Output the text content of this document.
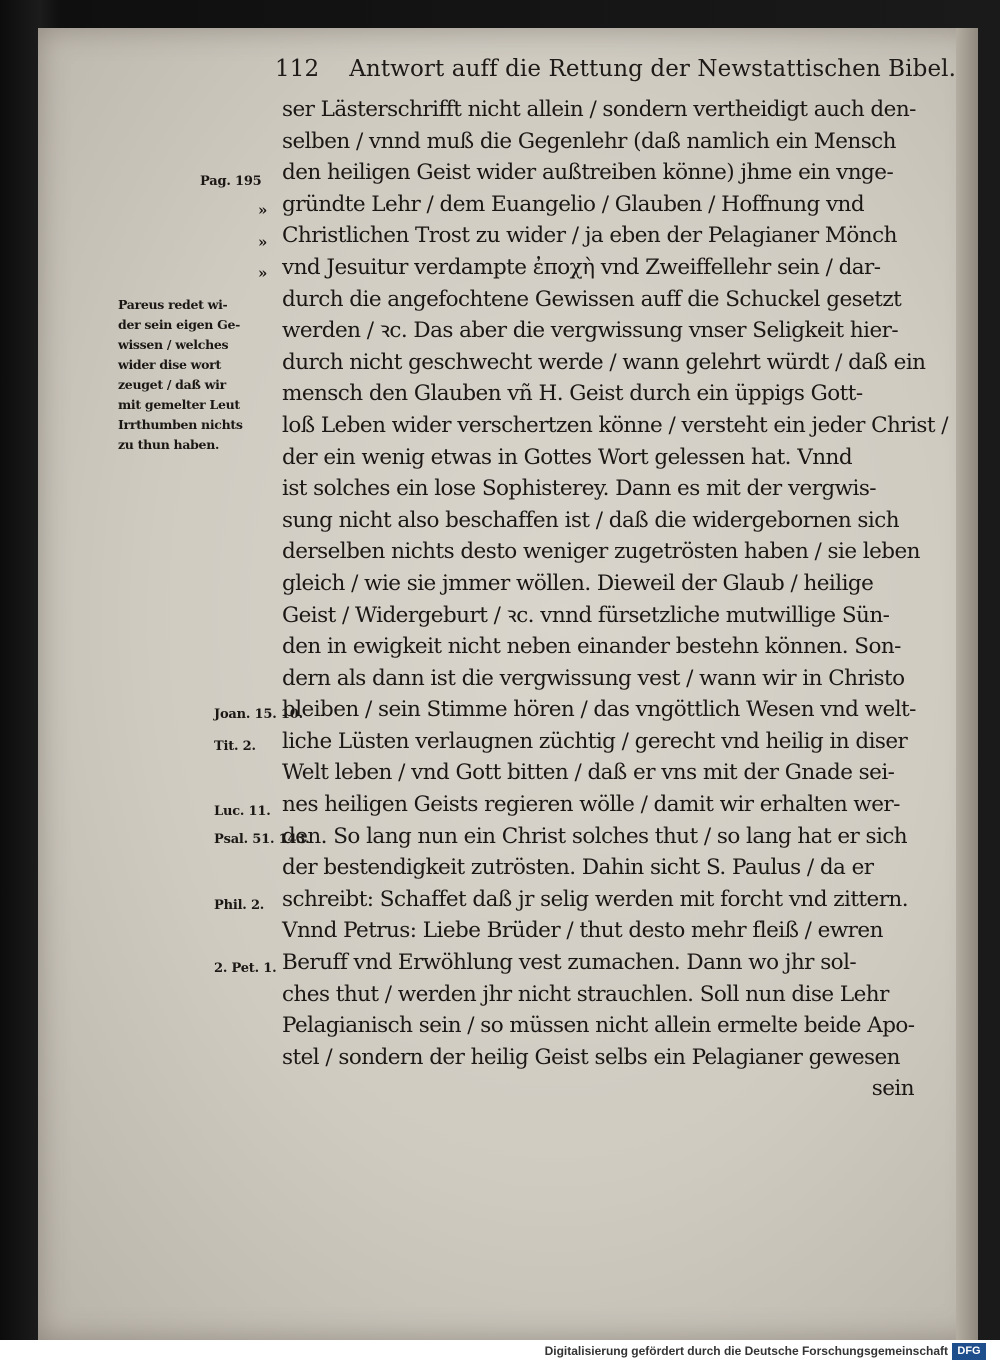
112 Antwort auff die Rettung der Newstattischen Bibel.
ser Lästerschrifft nicht allein / sondern vertheidigt auch den-
selben / vnnd muß die Gegenlehr (daß namlich ein Mensch
den heiligen Geist wider außtreiben könne) jhme ein vnge-
gründte Lehr / dem Euangelio / Glauben / Hoffnung vnd
Christlichen Trost zu wider / ja eben der Pelagianer Mönch
vnd Jesuitur verdampte ἐποχὴ vnd Zweiffellehr sein / dar-
durch die angefochtene Gewissen auff die Schuckel gesetzt
werden / ꝛc. Das aber die vergwissung vnser Seligkeit hier-
durch nicht geschwecht werde / wann gelehrt würdt / daß ein
mensch den Glauben vñ H. Geist durch ein üppigs Gott-
loß Leben wider verschertzen könne / versteht ein jeder Christ /
der ein wenig etwas in Gottes Wort gelessen hat. Vnnd
ist solches ein lose Sophisterey. Dann es mit der vergwis-
sung nicht also beschaffen ist / daß die widergebornen sich
derselben nichts desto weniger zugetrösten haben / sie leben
gleich / wie sie jmmer wöllen. Dieweil der Glaub / heilige
Geist / Widergeburt / ꝛc. vnnd fürsetzliche mutwillige Sün-
den in ewigkeit nicht neben einander bestehn können. Son-
dern als dann ist die vergwissung vest / wann wir in Christo
bleiben / sein Stimme hören / das vngöttlich Wesen vnd welt-
liche Lüsten verlaugnen züchtig / gerecht vnd heilig in diser
Welt leben / vnd Gott bitten / daß er vns mit der Gnade sei-
nes heiligen Geists regieren wölle / damit wir erhalten wer-
den. So lang nun ein Christ solches thut / so lang hat er sich
der bestendigkeit zutrösten. Dahin sicht S. Paulus / da er
schreibt: Schaffet daß jr selig werden mit forcht vnd zittern.
Vnnd Petrus: Liebe Brüder / thut desto mehr fleiß / ewren
Beruff vnd Erwöhlung vest zumachen. Dann wo jhr sol-
ches thut / werden jhr nicht strauchlen. Soll nun dise Lehr
Pelagianisch sein / so müssen nicht allein ermelte beide Apo-
stel / sondern der heilig Geist selbs ein Pelagianer gewesen
sein
Pag. 195
»
»
»
Pareus redet wi-
der sein eigen Ge-
wissen / welches
wider dise wort
zeuget / daß wir
mit gemelter Leut
Irrthumben nichts
zu thun haben.
Joan. 15. 10.
Tit. 2.
Luc. 11.
Psal. 51. 143.
Phil. 2.
2. Pet. 1.
Digitalisierung gefördert durch die Deutsche Forschungsgemeinschaft DFG
